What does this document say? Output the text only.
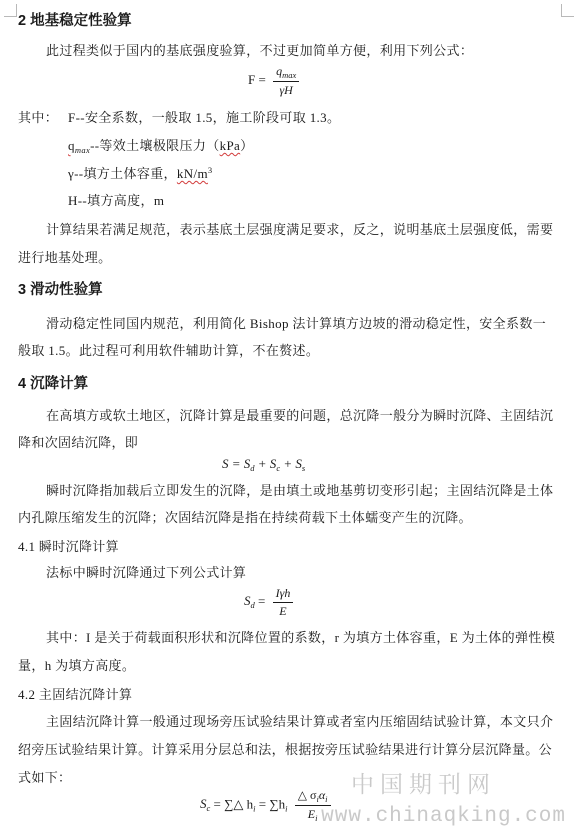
2 地基稳定性验算
此过程类似于国内的基底强度验算，不过更加简单方便，利用下列公式：
$F = \frac{q_{max}}{\gamma H}$
其中： F--安全系数，一般取 1.5，施工阶段可取 1.3。
$q_{max}--$等效土壤极限压力（kPa）
γ--填方土体容重，$kN/m^3$
H--填方高度，m
计算结果若满足规范，表示基底土层强度满足要求，反之，说明基底土层强度低，需要
进行地基处理。
3 滑动性验算
滑动稳定性同国内规范，利用简化 Bishop 法计算填方边坡的滑动稳定性，安全系数一
般取 1.5。此过程可利用软件辅助计算，不在赘述。
4 沉降计算
在高填方或软土地区，沉降计算是最重要的问题，总沉降一般分为瞬时沉降、主固结沉
降和次固结沉降，即
$S = S_d + S_c + S_s$
瞬时沉降指加载后立即发生的沉降，是由填土或地基剪切变形引起；主固结沉降是土体
内孔隙压缩发生的沉降；次固结沉降是指在持续荷载下土体蠕变产生的沉降。
4.1 瞬时沉降计算
法标中瞬时沉降通过下列公式计算
$S_d = \frac{\text{Iγh}}{E}$
其中：I 是关于荷载面积形状和沉降位置的系数，r 为填方土体容重，E 为土体的弹性模
量，h 为填方高度。
4.2 主固结沉降计算
主固结沉降计算一般通过现场旁压试验结果计算或者室内压缩固结试验计算，本文只介
绍旁压试验结果计算。计算采用分层总和法，根据按旁压试验结果进行计算分层沉降量。公
式如下：
$S_c$ = ∑△ $h_i = \sum h_i \frac{\triangle \sigma_i\alpha_i}{E_i}$
中国期刊网
www.chinaqking.com
